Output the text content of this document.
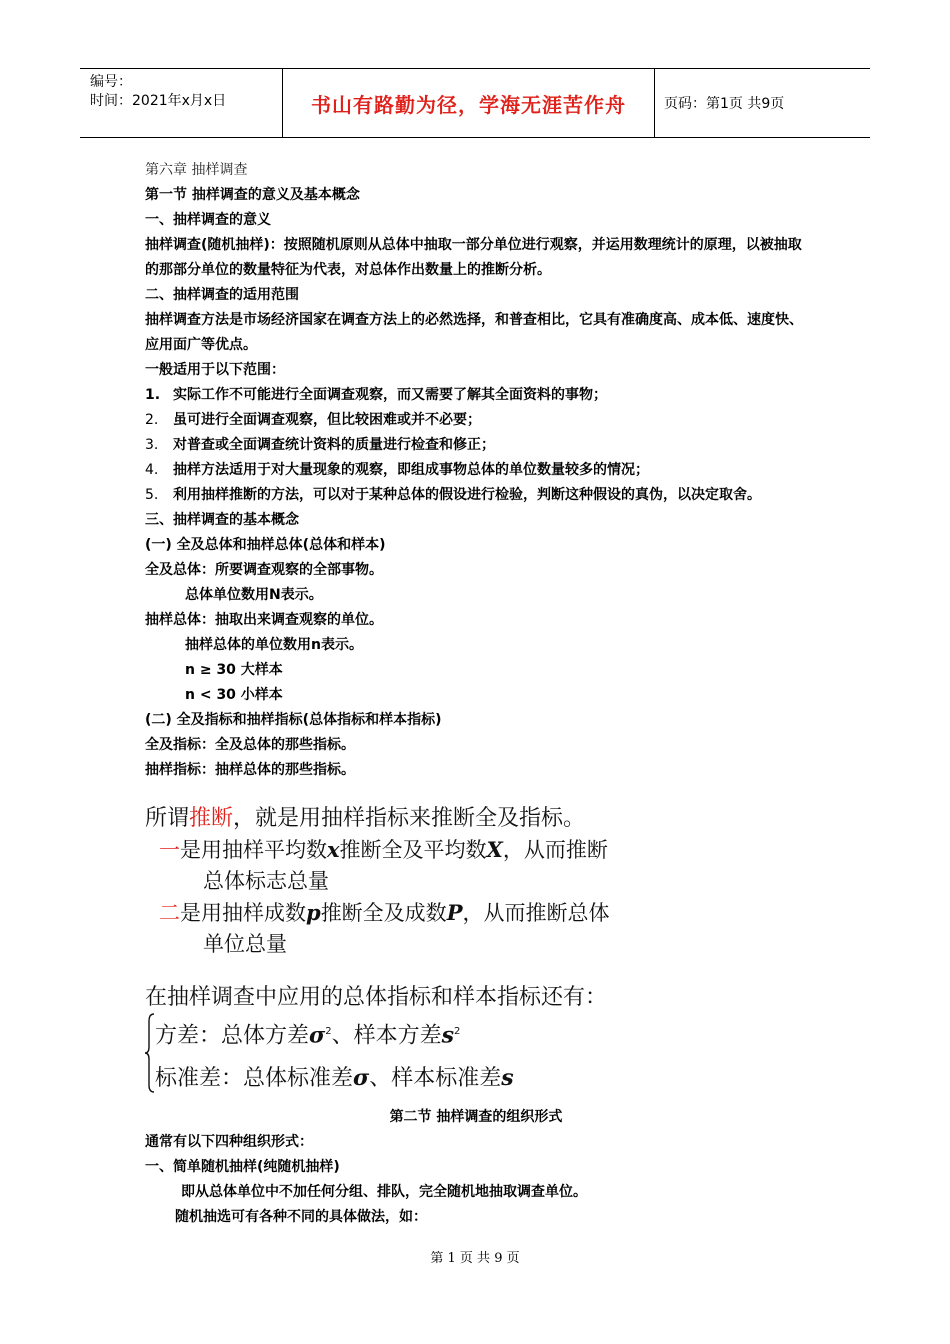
编号：
时间：2021年x月x日	书山有路勤为径，学海无涯苦作舟	页码：第1页 共9页
第六章 抽样调查
第一节 抽样调查的意义及基本概念
一、抽样调查的意义
抽样调查(随机抽样)：按照随机原则从总体中抽取一部分单位进行观察，并运用数理统计的原理，以被抽取的那部分单位的数量特征为代表，对总体作出数量上的推断分析。
二、抽样调查的适用范围
抽样调查方法是市场经济国家在调查方法上的必然选择，和普查相比，它具有准确度高、成本低、速度快、应用面广等优点。
一般适用于以下范围：
1. 实际工作不可能进行全面调查观察，而又需要了解其全面资料的事物；
2.	虽可进行全面调查观察，但比较困难或并不必要；
3.	对普查或全面调查统计资料的质量进行检查和修正；
4.	抽样方法适用于对大量现象的观察，即组成事物总体的单位数量较多的情况；
5.	利用抽样推断的方法，可以对于某种总体的假设进行检验，判断这种假设的真伪，以决定取舍。
三、抽样调查的基本概念
(一) 全及总体和抽样总体(总体和样本)
全及总体：所要调查观察的全部事物。
总体单位数用N表示。
抽样总体：抽取出来调查观察的单位。
抽样总体的单位数用n表示。
n ≥ 30 大样本
n < 30 小样本
(二) 全及指标和抽样指标(总体指标和样本指标)
全及指标：全及总体的那些指标。
抽样指标：抽样总体的那些指标。
所谓推断，就是用抽样指标来推断全及指标。
一是用抽样平均数x推断全及平均数X，从而推断
总体标志总量
二是用抽样成数p推断全及成数P，从而推断总体
单位总量
在抽样调查中应用的总体指标和样本指标还有：
方差：总体方差$\sigma^2$、样本方差$s^2$
标准差：总体标准差σ、样本标准差s
第二节 抽样调查的组织形式
通常有以下四种组织形式：
一、简单随机抽样(纯随机抽样)
即从总体单位中不加任何分组、排队，完全随机地抽取调查单位。
随机抽选可有各种不同的具体做法，如：
第 1 页 共 9 页
